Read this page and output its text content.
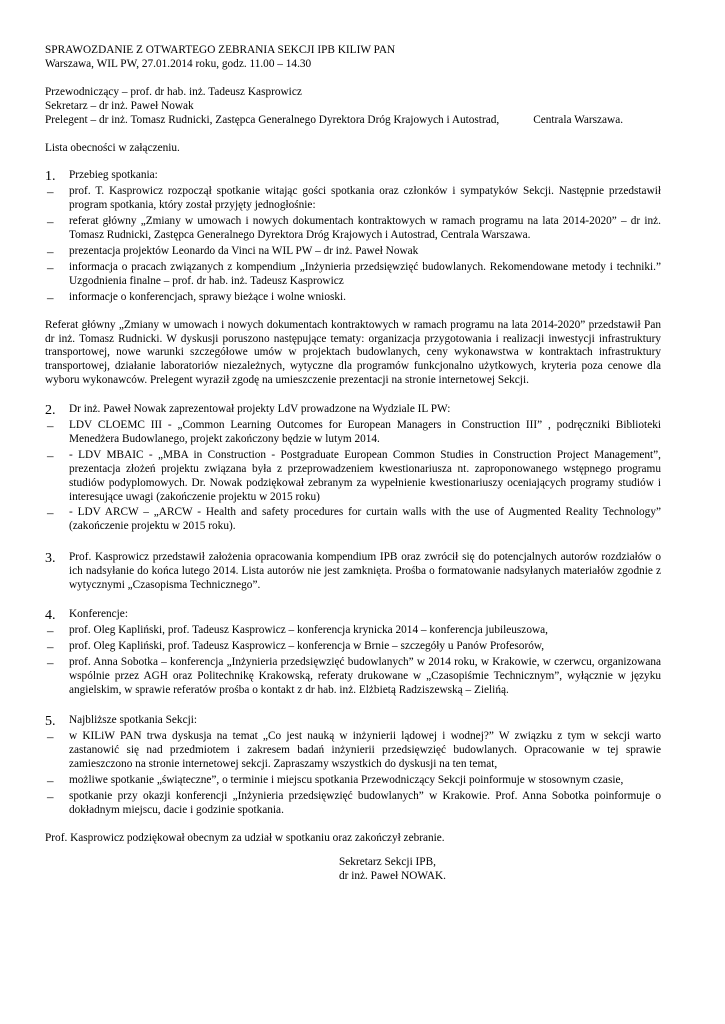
SPRAWOZDANIE Z OTWARTEGO ZEBRANIA SEKCJI IPB KILIW PAN
Warszawa, WIL PW, 27.01.2014 roku, godz. 11.00 – 14.30
Przewodniczący – prof. dr hab. inż. Tadeusz Kasprowicz
Sekretarz – dr inż. Paweł Nowak
Prelegent – dr inż. Tomasz Rudnicki, Zastępca Generalnego Dyrektora Dróg Krajowych i Autostrad,	Centrala Warszawa.
Lista obecności w załączeniu.
1.	Przebieg spotkania:
–	prof. T. Kasprowicz rozpoczął spotkanie witając gości spotkania oraz członków i sympatyków Sekcji. Następnie przedstawił program spotkania, który został przyjęty jednogłośnie:
–	referat główny „Zmiany w umowach i nowych dokumentach kontraktowych w ramach programu na lata 2014-2020” – dr inż. Tomasz Rudnicki, Zastępca Generalnego Dyrektora Dróg Krajowych i Autostrad, Centrala Warszawa.
–	prezentacja projektów Leonardo da Vinci na WIL PW – dr inż. Paweł Nowak
–	informacja o pracach związanych z kompendium „Inżynieria przedsięwzięć budowlanych. Rekomendowane metody i techniki.” Uzgodnienia finalne – prof. dr hab. inż. Tadeusz Kasprowicz
–	informacje o konferencjach, sprawy bieżące i wolne wnioski.
Referat główny „Zmiany w umowach i nowych dokumentach kontraktowych w ramach programu na lata 2014-2020” przedstawił Pan dr inż. Tomasz Rudnicki. W dyskusji poruszono następujące tematy: organizacja przygotowania i realizacji inwestycji infrastruktury transportowej, nowe warunki szczegółowe umów w projektach budowlanych, ceny wykonawstwa w kontraktach infrastruktury transportowej, działanie laboratoriów niezależnych, wytyczne dla programów funkcjonalno użytkowych, kryteria poza cenowe dla wyboru wykonawców. Prelegent wyraził zgodę na umieszczenie prezentacji na stronie internetowej Sekcji.
2.	Dr inż. Paweł Nowak zaprezentował projekty LdV prowadzone na Wydziale IL PW:
–	LDV CLOEMC III - „Common Learning Outcomes for European Managers in Construction III” , podręczniki Biblioteki Menedżera Budowlanego, projekt zakończony będzie w lutym 2014.
–	- LDV MBAIC - „MBA in Construction - Postgraduate European Common Studies in Construction Project Management”, prezentacja złożeń projektu związana była z przeprowadzeniem kwestionariusza nt. zaproponowanego wstępnego programu studiów podyplomowych. Dr. Nowak podziękował zebranym za wypełnienie kwestionariuszy oceniających programy studiów i interesujące uwagi (zakończenie projektu w 2015 roku)
–	- LDV ARCW – „ARCW - Health and safety procedures for curtain walls with the use of Augmented Reality Technology” (zakończenie projektu w 2015 roku).
3.	Prof. Kasprowicz przedstawił założenia opracowania kompendium IPB oraz zwrócił się do potencjalnych autorów rozdziałów o ich nadsyłanie do końca lutego 2014. Lista autorów nie jest zamknięta. Prośba o formatowanie nadsyłanych materiałów zgodnie z wytycznymi „Czasopisma Technicznego”.
4.	Konferencje:
–	prof. Oleg Kapliński, prof. Tadeusz Kasprowicz – konferencja krynicka 2014 – konferencja jubileuszowa,
–	prof. Oleg Kapliński, prof. Tadeusz Kasprowicz – konferencja w Brnie – szczegóły u Panów Profesorów,
–	prof. Anna Sobotka – konferencja „Inżynieria przedsięwzięć budowlanych” w 2014 roku, w Krakowie, w czerwcu, organizowana wspólnie przez AGH oraz Politechnikę Krakowską, referaty drukowane w „Czasopiśmie Technicznym”, wyłącznie w języku angielskim, w sprawie referatów prośba o kontakt z dr hab. inż. Elżbietą Radziszewską – Zielińą.
5.	Najbliższe spotkania Sekcji:
–	w KILiW PAN trwa dyskusja na temat „Co jest nauką w inżynierii lądowej i wodnej?” W związku z tym w sekcji warto zastanowić się nad przedmiotem i zakresem badań inżynierii przedsięwzięć budowlanych. Opracowanie w tej sprawie zamieszczono na stronie internetowej sekcji. Zapraszamy wszystkich do dyskusji na ten temat,
–	możliwe spotkanie „świąteczne”, o terminie i miejscu spotkania Przewodniczący Sekcji poinformuje w stosownym czasie,
–	spotkanie przy okazji konferencji „Inżynieria przedsięwzięć budowlanych” w Krakowie. Prof. Anna Sobotka poinformuje o dokładnym miejscu, dacie i godzinie spotkania.
Prof. Kasprowicz podziękował obecnym za udział w spotkaniu oraz zakończył zebranie.
Sekretarz Sekcji IPB,
dr inż. Paweł NOWAK.
